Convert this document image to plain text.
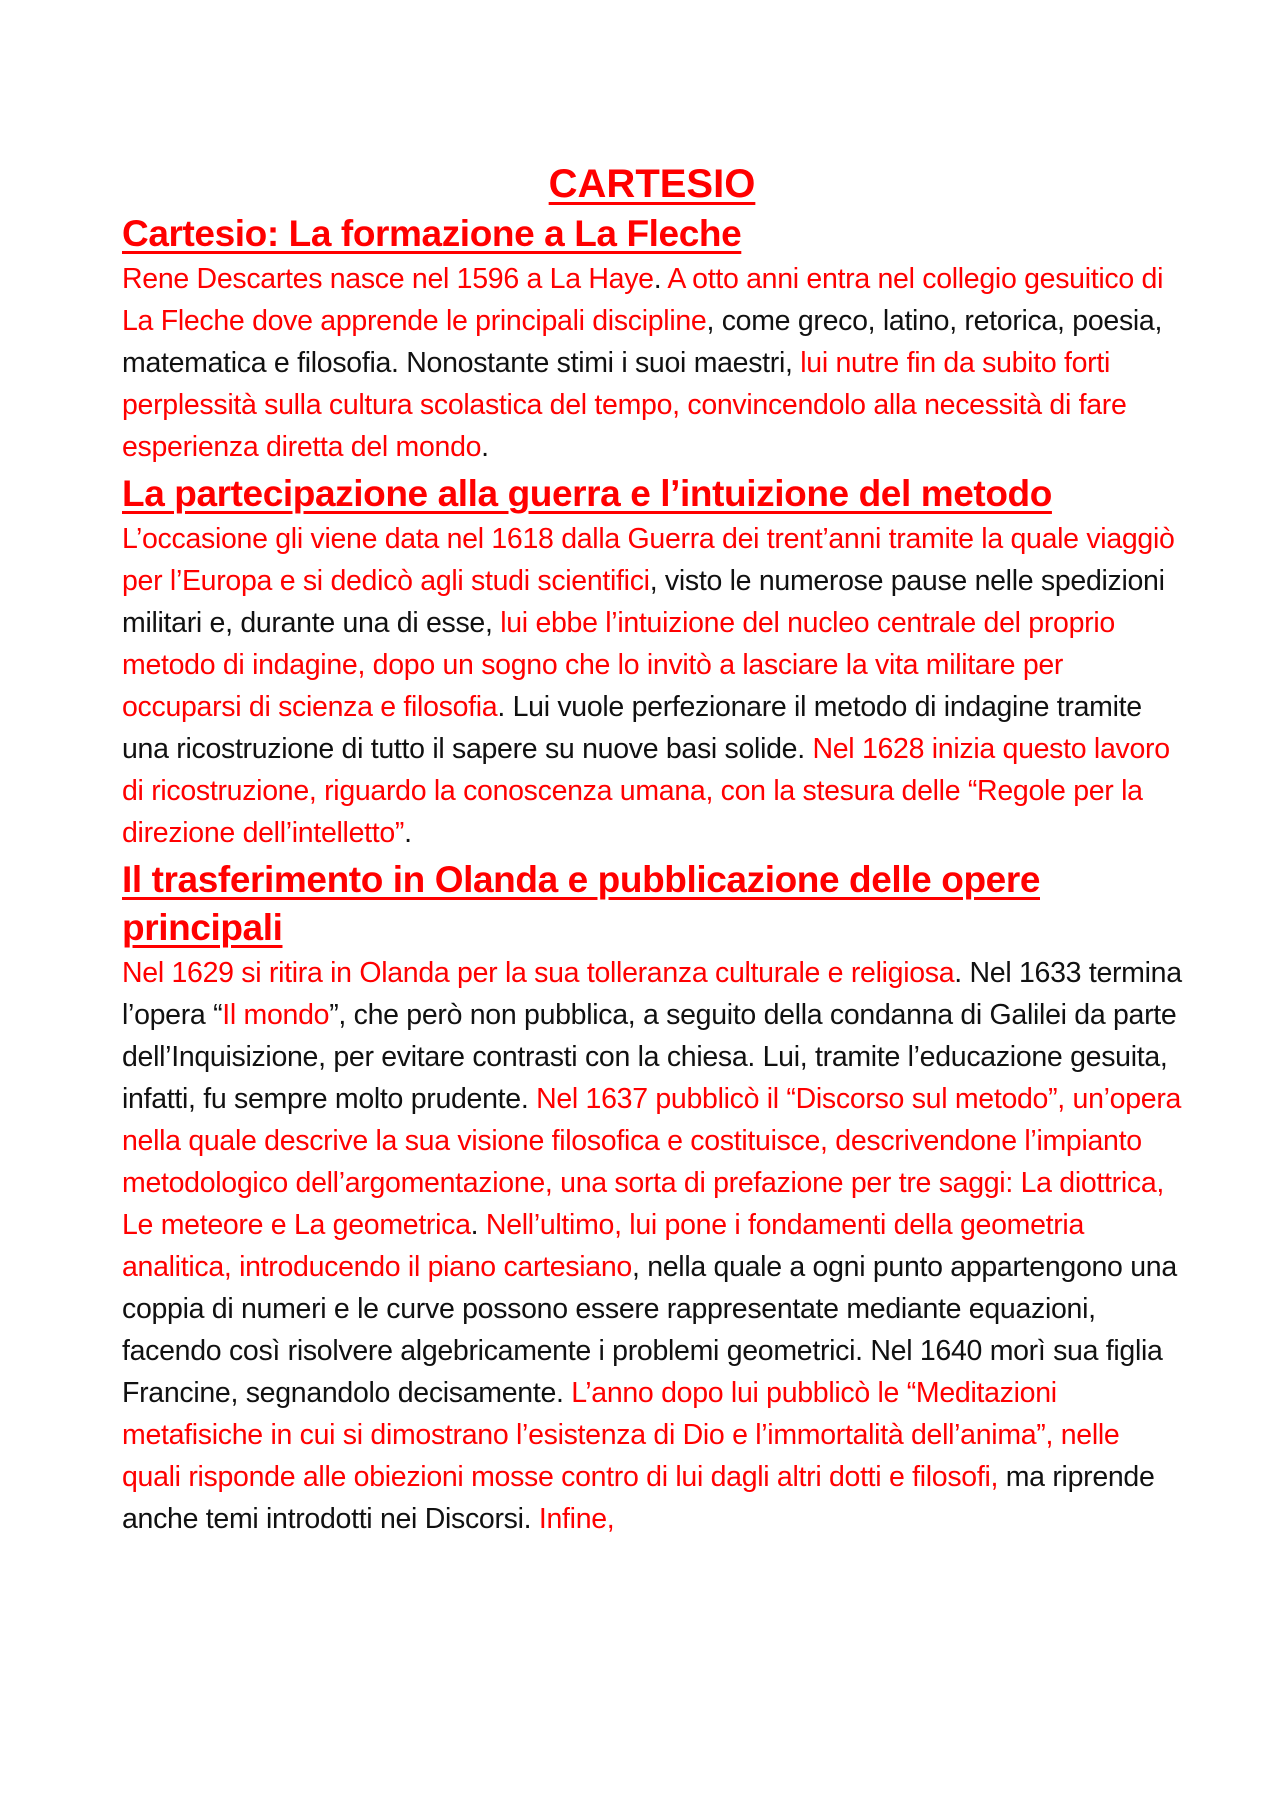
CARTESIO
Cartesio: La formazione a La Fleche

Rene Descartes nasce nel 1596 a La Haye. A otto anni entra nel collegio gesuitico di La Fleche dove apprende le principali discipline, come greco, latino, retorica, poesia, matematica e filosofia. Nonostante stimi i suoi maestri, lui nutre fin da subito forti perplessità sulla cultura scolastica del tempo, convincendolo alla necessità di fare esperienza diretta del mondo.

La partecipazione alla guerra e l’intuizione del metodo

L’occasione gli viene data nel 1618 dalla Guerra dei trent’anni tramite la quale viaggiò per l’Europa e si dedicò agli studi scientifici, visto le numerose pause nelle spedizioni militari e, durante una di esse, lui ebbe l’intuizione del nucleo centrale del proprio metodo di indagine, dopo un sogno che lo invitò a lasciare la vita militare per occuparsi di scienza e filosofia. Lui vuole perfezionare il metodo di indagine tramite una ricostruzione di tutto il sapere su nuove basi solide. Nel 1628 inizia questo lavoro di ricostruzione, riguardo la conoscenza umana, con la stesura delle “Regole per la direzione dell’intelletto”.

Il trasferimento in Olanda e pubblicazione delle opere principali

Nel 1629 si ritira in Olanda per la sua tolleranza culturale e religiosa. Nel 1633 termina l’opera “Il mondo”, che però non pubblica, a seguito della condanna di Galilei da parte dell’Inquisizione, per evitare contrasti con la chiesa. Lui, tramite l’educazione gesuita, infatti, fu sempre molto prudente. Nel 1637 pubblicò il “Discorso sul metodo”, un’opera nella quale descrive la sua visione filosofica e costituisce, descrivendone l’impianto metodologico dell’argomentazione, una sorta di prefazione per tre saggi: La diottrica, Le meteore e La geometrica. Nell’ultimo, lui pone i fondamenti della geometria analitica, introducendo il piano cartesiano, nella quale a ogni punto appartengono una coppia di numeri e le curve possono essere rappresentate mediante equazioni, facendo così risolvere algebricamente i problemi geometrici. Nel 1640 morì sua figlia Francine, segnandolo decisamente. L’anno dopo lui pubblicò le “Meditazioni metafisiche in cui si dimostrano l’esistenza di Dio e l’immortalità dell’anima”, nelle quali risponde alle obiezioni mosse contro di lui dagli altri dotti e filosofi, ma riprende anche temi introdotti nei Discorsi. Infine,
